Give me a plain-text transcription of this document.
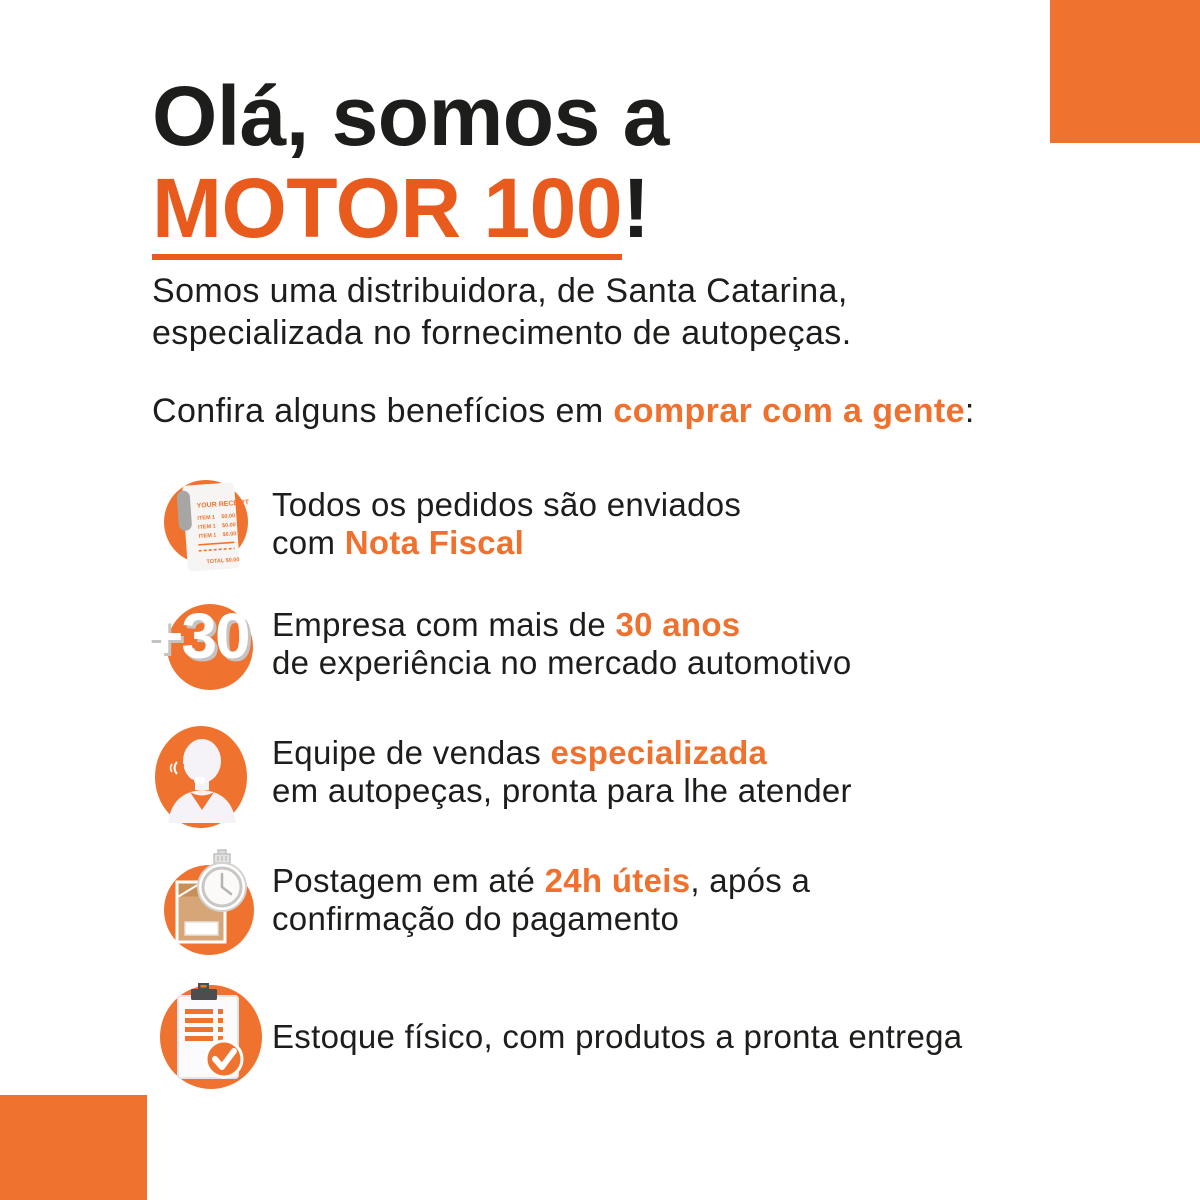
Olá, somos a
MOTOR 100!

Somos uma distribuidora, de Santa Catarina,
especializada no fornecimento de autopeças.

Confira alguns benefícios em comprar com a gente:

YOUR RECEIPT
ITEM 1 $0.00
ITEM 1 $0.00
ITEM 1 $0.00
TOTAL $0.00
Todos os pedidos são enviados
com Nota Fiscal
+30 Empresa com mais de 30 anos
de experiência no mercado automotivo
Equipe de vendas especializada
em autopeças, pronta para lhe atender
Postagem em até 24h úteis, após a
confirmação do pagamento
Estoque físico, com produtos a pronta entrega
